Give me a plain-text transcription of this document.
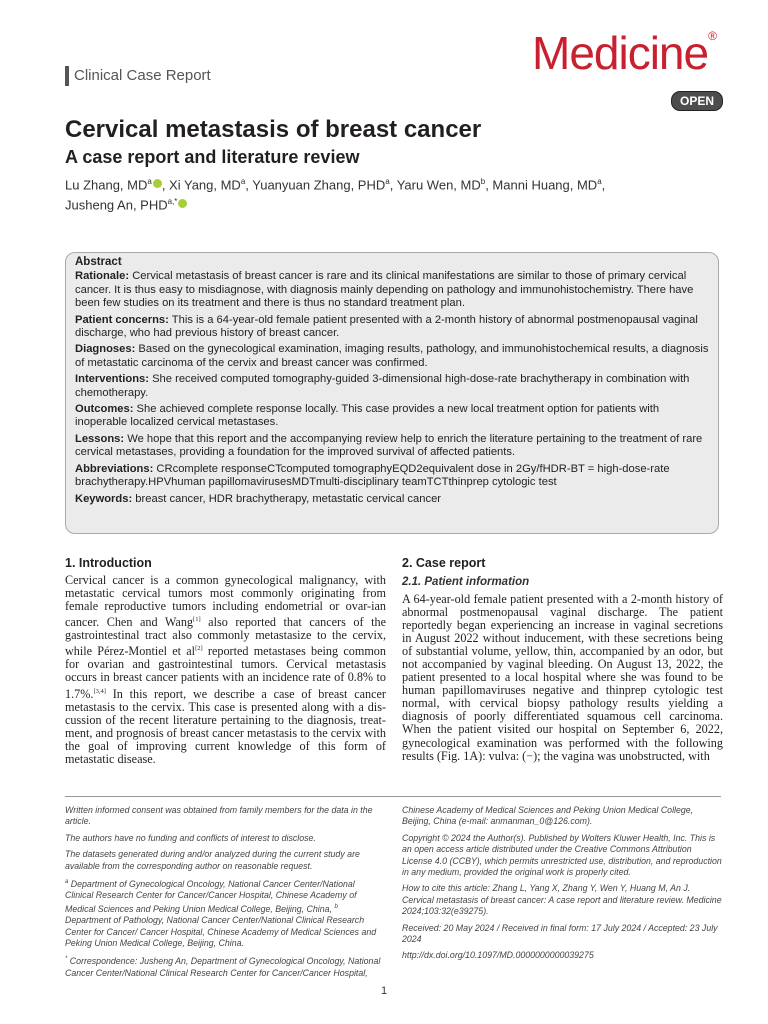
Clinical Case Report	Medicine®
OPEN
Cervical metastasis of breast cancer
A case report and literature review
Lu Zhang, $MD^a$ , Xi Yang, $MD^a$, Yuanyuan Zhang, PHD$^a$, Yaru Wen, $MD^b$, Manni Huang, $MD^a$,
Jusheng An, $PHD^{a,*}$
Abstract

Rationale: Cervical metastasis of breast cancer is rare and its clinical manifestations are similar to those of primary cervical cancer. It is thus easy to misdiagnose, with diagnosis mainly depending on pathology and immunohistochemistry. There have been few studies on its treatment and there is thus no standard treatment plan.

Patient concerns: This is a 64-year-old female patient presented with a 2-month history of abnormal postmenopausal vaginal discharge, who had previous history of breast cancer.

Diagnoses: Based on the gynecological examination, imaging results, pathology, and immunohistochemical results, a diagnosis of metastatic carcinoma of the cervix and breast cancer was confirmed.

Interventions: She received computed tomography-guided 3-dimensional high-dose-rate brachytherapy in combination with chemotherapy.

Outcomes: She achieved complete response locally. This case provides a new local treatment option for patients with inoperable localized cervical metastases.

Lessons: We hope that this report and the accompanying review help to enrich the literature pertaining to the treatment of rare cervical metastases, providing a foundation for the improved survival of affected patients.

Abbreviations: CRcomplete responseCTcomputed tomographyEQD2equivalent dose in 2Gy/fHDR-BT = high-dose-rate brachytherapy.HPVhuman papillomavirusesMDTmulti-disciplinary teamTCTthinprep cytologic test

Keywords: breast cancer, HDR brachytherapy, metastatic cervical cancer

1. Introduction
Cervical cancer is a common gynecological malignancy, with metastatic cervical tumors most commonly originating from female reproductive tumors including endometrial or ovar-ian cancer. Chen and Wang[1] also reported that cancers of the gastrointestinal tract also commonly metastasize to the cervix, while Pérez-Montiel et al[2] reported metastases being common for ovarian and gastrointestinal tumors. Cervical metastasis occurs in breast cancer patients with an incidence rate of 0.8% to 1.7%.[3,4] In this report, we describe a case of breast cancer metastasis to the cervix. This case is presented along with a dis-cussion of the recent literature pertaining to the diagnosis, treat-ment, and prognosis of breast cancer metastasis to the cervix with the goal of improving current knowledge of this form of metastatic disease.
2. Case report
2.1. Patient information
A 64-year-old female patient presented with a 2-month history of abnormal postmenopausal vaginal discharge. The patient reportedly began experiencing an increase in vaginal secretions in August 2022 without inducement, with these secretions being of substantial volume, yellow, thin, accompanied by an odor, but not accompanied by vaginal bleeding. On August 13, 2022, the patient presented to a local hospital where she was found to be human papillomaviruses negative and thinprep cytologic test normal, with cervical biopsy pathology results yielding a diagnosis of poorly differentiated squamous cell carcinoma. When the patient visited our hospital on September 6, 2022, gynecological examination was performed with the following results (Fig. 1A): vulva: (−); the vagina was unobstructed, with

Written informed consent was obtained from family members for the data in the article.

The authors have no funding and conflicts of interest to disclose.

The datasets generated during and/or analyzed during the current study are available from the corresponding author on reasonable request.

$^a$ Department of Gynecological Oncology, National Cancer Center/National Clinical Research Center for Cancer/Cancer Hospital, Chinese Academy of Medical Sciences and Peking Union Medical College, Beijing, China, $^b$ Department of Pathology, National Cancer Center/National Clinical Research Center for Cancer/ Cancer Hospital, Chinese Academy of Medical Sciences and Peking Union Medical College, Beijing, China.

* Correspondence: Jusheng An, Department of Gynecological Oncology, National Cancer Center/National Clinical Research Center for Cancer/Cancer Hospital,

Chinese Academy of Medical Sciences and Peking Union Medical College, Beijing, China (e-mail: anmanman_0@126.com).

Copyright © 2024 the Author(s). Published by Wolters Kluwer Health, Inc. This is an open access article distributed under the Creative Commons Attribution License 4.0 (CCBY), which permits unrestricted use, distribution, and reproduction in any medium, provided the original work is properly cited.

How to cite this article: Zhang L, Yang X, Zhang Y, Wen Y, Huang M, An J. Cervical metastasis of breast cancer: A case report and literature review. Medicine 2024;103:32(e39275).

Received: 20 May 2024 / Received in final form: 17 July 2024 / Accepted: 23 July 2024

http://dx.doi.org/10.1097/MD.0000000000039275

1
